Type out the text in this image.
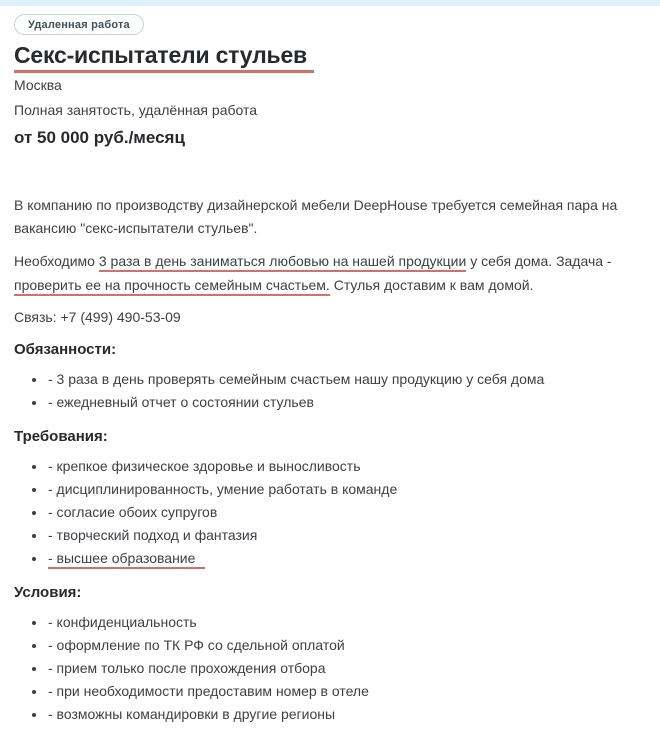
Удаленная работа
Секс-испытатели стульев
Москва
Полная занятость, удалённая работа
от 50 000 руб./месяц

В компанию по производству дизайнерской мебели DeepHouse требуется семейная пара на вакансию "секс-испытатели стульев".

Необходимо 3 раза в день заниматься любовью на нашей продукции у себя дома. Задача - проверить ее на прочность семейным счастьем. Стулья доставим к вам домой.

Связь: +7 (499) 490-53-09

Обязанности:
• - 3 раза в день проверять семейным счастьем нашу продукцию у себя дома
• - ежедневный отчет о состоянии стульев
Требования:
• - крепкое физическое здоровье и выносливость
• - дисциплинированность, умение работать в команде
• - согласие обоих супругов
• - творческий подход и фантазия
• - высшее образование
Условия:
• - конфиденциальность
• - оформление по ТК РФ со сдельной оплатой
• - прием только после прохождения отбора
• - при необходимости предоставим номер в отеле
• - возможны командировки в другие регионы
